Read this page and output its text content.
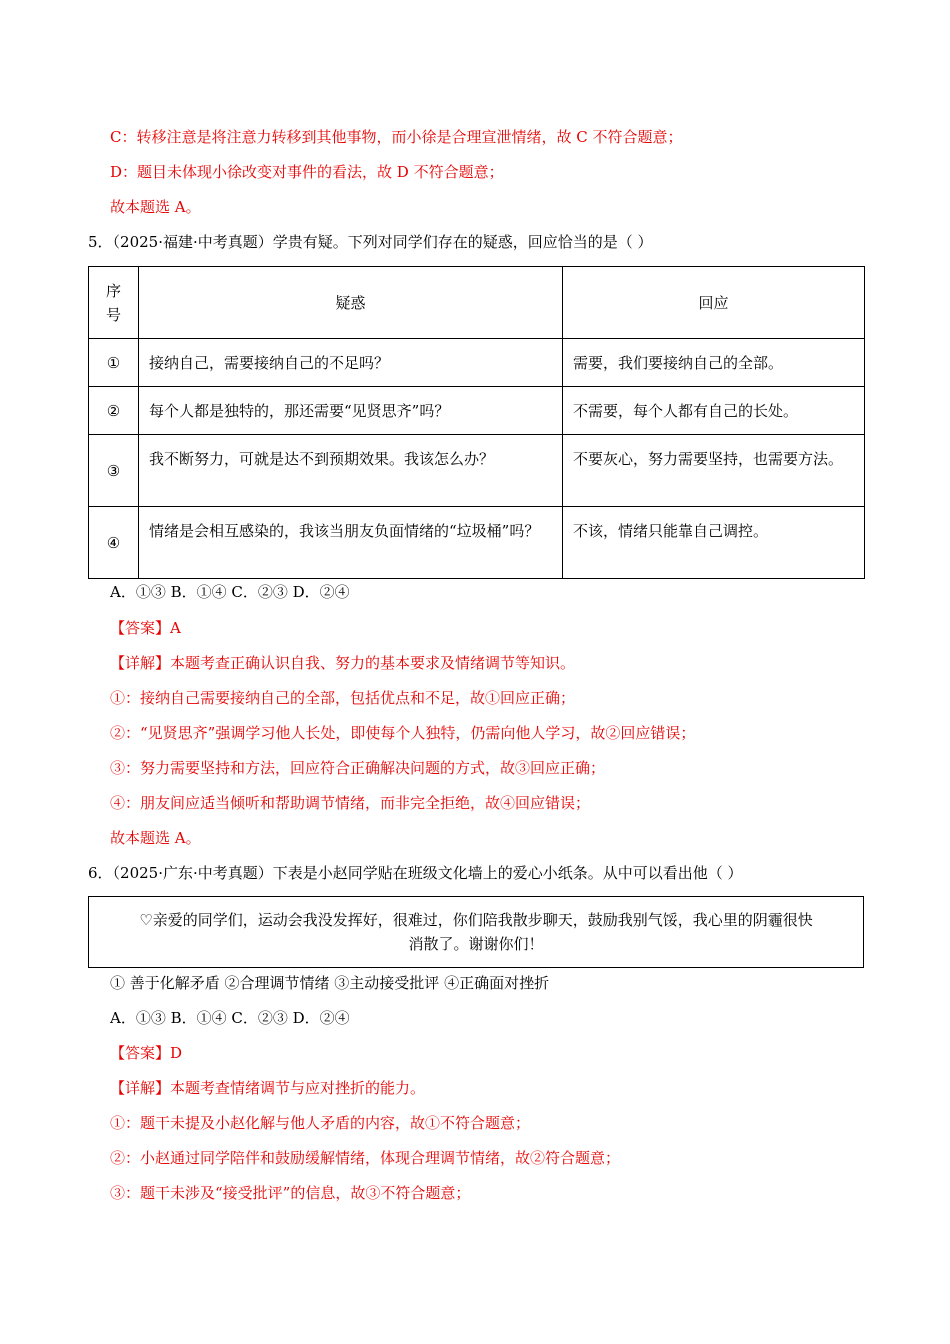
C：转移注意是将注意力转移到其他事物，而小徐是合理宣泄情绪，故 C 不符合题意；
D：题目未体现小徐改变对事件的看法，故 D 不符合题意；
故本题选 A。
5．（2025·福建·中考真题）学贵有疑。下列对同学们存在的疑惑，回应恰当的是（ ）
序号	疑惑	回应
①	接纳自己，需要接纳自己的不足吗？	需要，我们要接纳自己的全部。
②	每个人都是独特的，那还需要“见贤思齐”吗？	不需要，每个人都有自己的长处。
③	我不断努力，可就是达不到预期效果。我该怎么办？	不要灰心，努力需要坚持，也需要方法。
④	情绪是会相互感染的，我该当朋友负面情绪的“垃圾桶”吗？	不该，情绪只能靠自己调控。
A．①③ B．①④ C．②③ D．②④
【答案】A
【详解】本题考查正确认识自我、努力的基本要求及情绪调节等知识。
①：接纳自己需要接纳自己的全部，包括优点和不足，故①回应正确；
②：“见贤思齐”强调学习他人长处，即使每个人独特，仍需向他人学习，故②回应错误；
③：努力需要坚持和方法，回应符合正确解决问题的方式，故③回应正确；
④：朋友间应适当倾听和帮助调节情绪，而非完全拒绝，故④回应错误；
故本题选 A。
6．（2025·广东·中考真题）下表是小赵同学贴在班级文化墙上的爱心小纸条。从中可以看出他（ ）
♡亲爱的同学们，运动会我没发挥好，很难过，你们陪我散步聊天，鼓励我别气馁，我心里的阴霾很快
消散了。谢谢你们！
① 善于化解矛盾 ②合理调节情绪 ③主动接受批评 ④正确面对挫折
A．①③ B．①④ C．②③ D．②④
【答案】D
【详解】本题考查情绪调节与应对挫折的能力。
①：题干未提及小赵化解与他人矛盾的内容，故①不符合题意；
②：小赵通过同学陪伴和鼓励缓解情绪，体现合理调节情绪，故②符合题意；
③：题干未涉及“接受批评”的信息，故③不符合题意；
